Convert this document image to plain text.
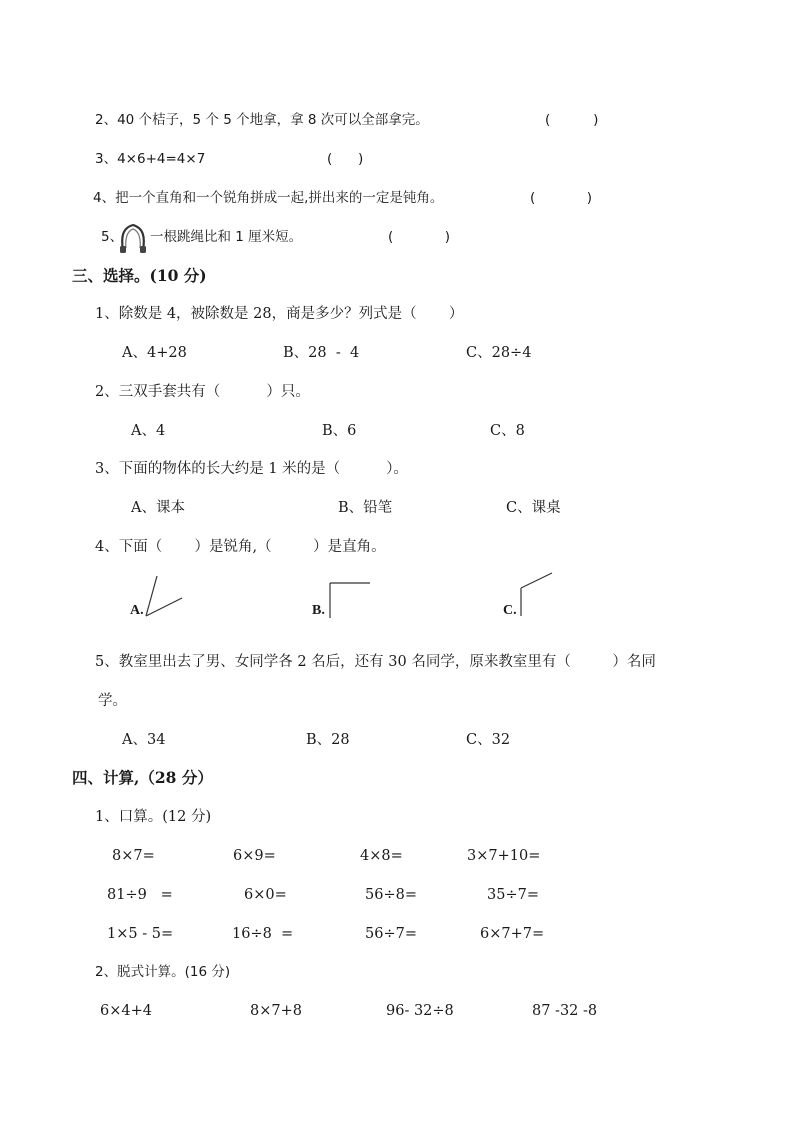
2、40 个桔子，5 个 5 个地拿，拿 8 次可以全部拿完。	(          )
3、4×6+4=4×7	(      )
4、把一个直角和一个锐角拼成一起,拼出来的一定是钝角。	(            )
5、 一根跳绳比和 1 厘米短。	(            )
三、选择。(10 分)
1、除数是 4，被除数是 28，商是多少？列式是（       ）
A、4+28	B、28  -  4	C、28÷4
2、三双手套共有（          ）只。
A、4	B、6	C、8
3、下面的物体的长大约是 1 米的是（          ）。
A、课本	B、铅笔	C、课桌
4、下面（       ）是锐角,（         ）是直角。
A.	B.	C.
5、教室里出去了男、女同学各 2 名后，还有 30 名同学，原来教室里有（         ）名同
学。
A、34	B、28	C、32
四、计算,（28 分）
1、口算。(12 分)
8×7=	6×9=	4×8=	3×7+10=
81÷9   =	6×0=	56÷8=	35÷7=
1×5 - 5=	16÷8  =	56÷7=	6×7+7=
2、脱式计算。(16 分)
6×4+4	8×7+8	96- 32÷8	87 -32 -8
